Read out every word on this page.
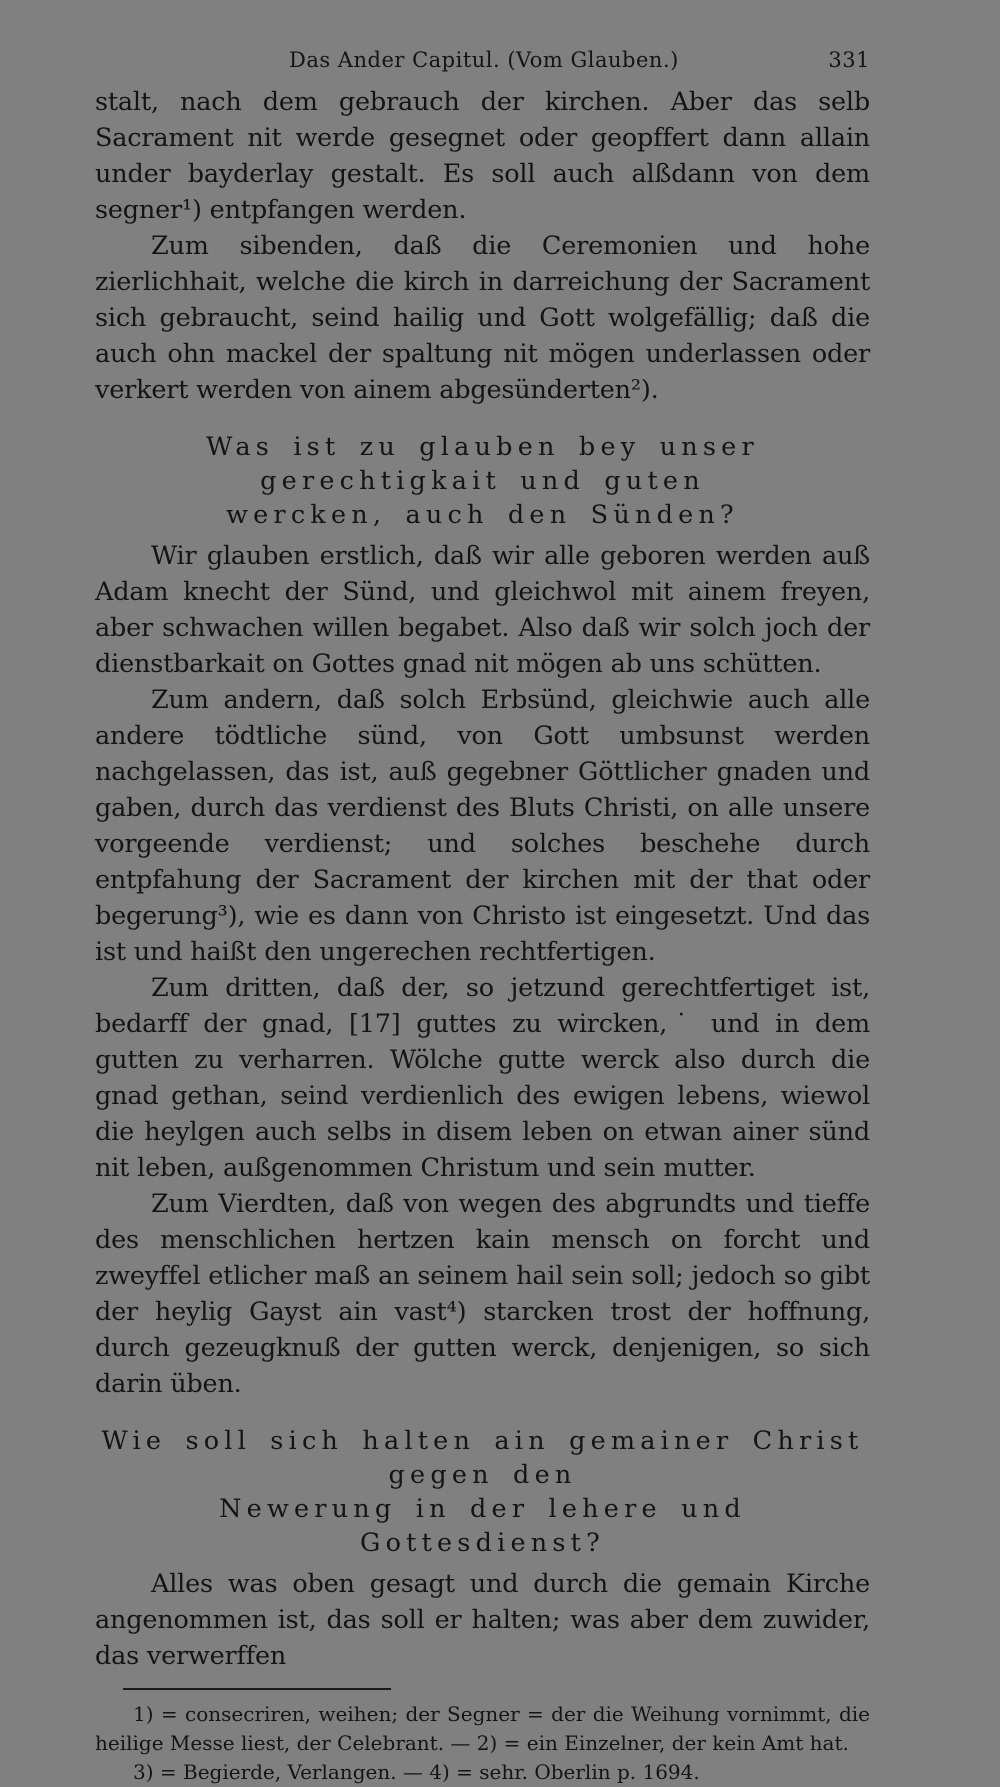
Das Ander Capitul. (Vom Glauben.)	331

stalt, nach dem gebrauch der kirchen. Aber das selb Sacrament nit werde gesegnet oder geopffert dann allain under bayderlay gestalt. Es soll auch alßdann von dem segner¹) entpfangen werden.

Zum sibenden, daß die Ceremonien und hohe zierlichhait, welche die kirch in darreichung der Sacrament sich gebraucht, seind hailig und Gott wolgefällig; daß die auch ohn mackel der spaltung nit mögen underlassen oder verkert werden von ainem abgesünderten²).

Was ist zu glauben bey unser gerechtigkait und guten
wercken, auch den Sünden?

Wir glauben erstlich, daß wir alle geboren werden auß Adam knecht der Sünd, und gleichwol mit ainem freyen, aber schwachen willen begabet. Also daß wir solch joch der dienstbarkait on Gottes gnad nit mögen ab uns schütten.

Zum andern, daß solch Erbsünd, gleichwie auch alle andere tödtliche sünd, von Gott umbsunst werden nachgelassen, das ist, auß gegebner Göttlicher gnaden und gaben, durch das verdienst des Bluts Christi, on alle unsere vorgeende verdienst; und solches beschehe durch entpfahung der Sacrament der kirchen mit der that oder begerung³), wie es dann von Christo ist eingesetzt. Und das ist und haißt den ungerechen rechtfertigen.

Zum dritten, daß der, so jetzund gerechtfertiget ist, bedarff der gnad, [17] guttes zu wircken,˙ und in dem gutten zu verharren. Wölche gutte werck also durch die gnad gethan, seind verdienlich des ewigen lebens, wiewol die heylgen auch selbs in disem leben on etwan ainer sünd nit leben, außgenommen Christum und sein mutter.

Zum Vierdten, daß von wegen des abgrundts und tieffe des menschlichen hertzen kain mensch on forcht und zweyffel etlicher maß an seinem hail sein soll; jedoch so gibt der heylig Gayst ain vast⁴) starcken trost der hoffnung, durch gezeugknuß der gutten werck, denjenigen, so sich darin üben.

Wie soll sich halten ain gemainer Christ gegen den
Newerung in der lehere und Gottesdienst?

Alles was oben gesagt und durch die gemain Kirche angenommen ist, das soll er halten; was aber dem zuwider, das verwerffen

1) = consecriren, weihen; der Segner = der die Weihung vornimmt, die heilige Messe liest, der Celebrant. — 2) = ein Einzelner, der kein Amt hat.

3) = Begierde, Verlangen. — 4) = sehr. Oberlin p. 1694.
